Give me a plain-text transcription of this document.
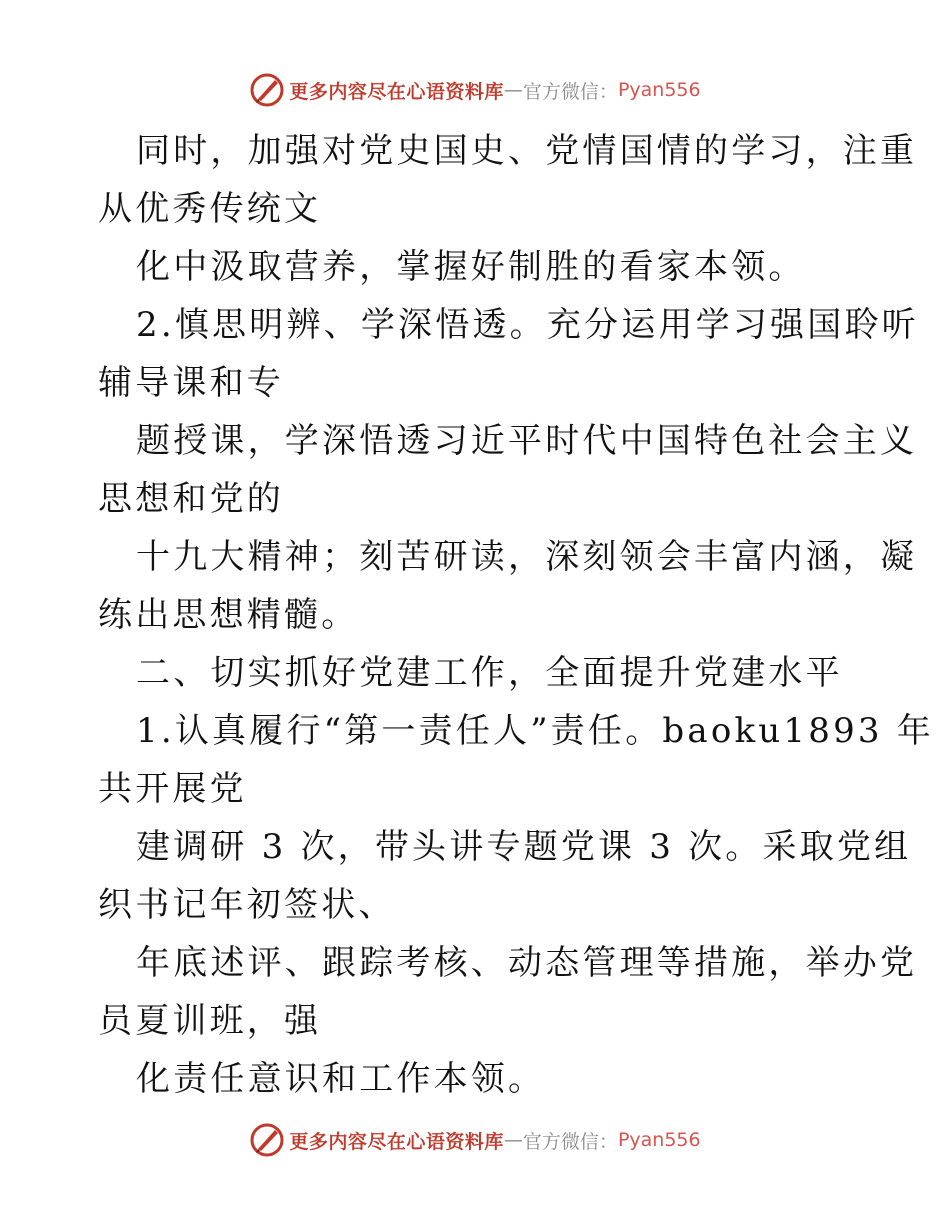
更多内容尽在心语资料库 — 官方微信： Pyan556
同时，加强对党史国史、党情国情的学习，注重
从优秀传统文
化中汲取营养，掌握好制胜的看家本领。
2.慎思明辨、学深悟透。充分运用学习强国聆听
辅导课和专
题授课，学深悟透习近平时代中国特色社会主义
思想和党的
十九大精神；刻苦研读，深刻领会丰富内涵，凝
练出思想精髓。
二、切实抓好党建工作，全面提升党建水平
1.认真履行“第一责任人”责任。baoku1893 年
共开展党
建调研 3 次，带头讲专题党课 3 次。采取党组
织书记年初签状、
年底述评、跟踪考核、动态管理等措施，举办党
员夏训班，强
化责任意识和工作本领。
更多内容尽在心语资料库 — 官方微信： Pyan556
